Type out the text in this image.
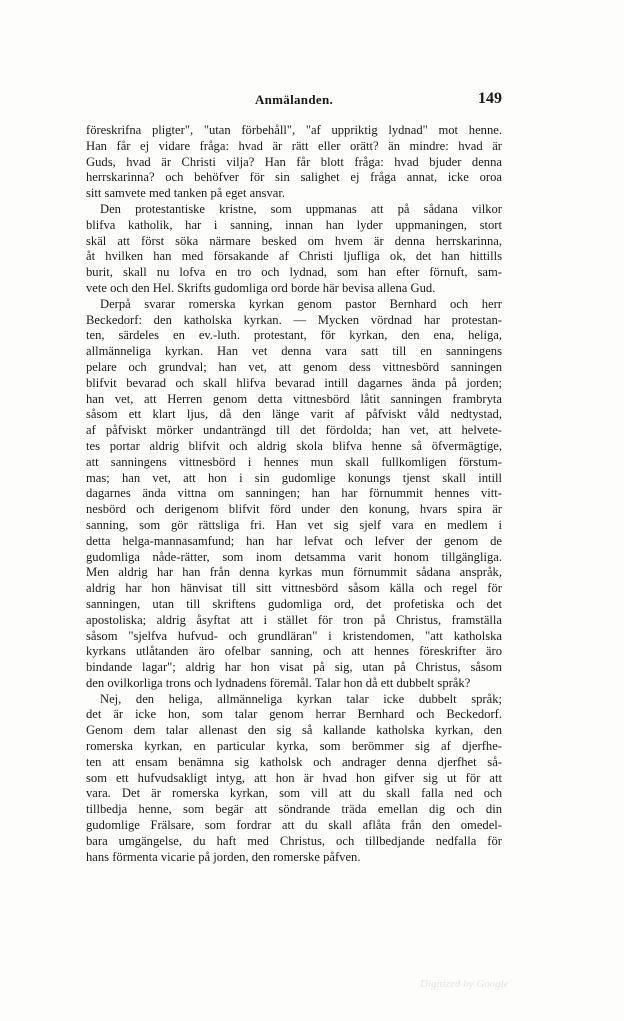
Anmälanden.	149
föreskrifna pligter", "utan förbehåll", "af uppriktig lydnad" mot henne.
Han får ej vidare fråga: hvad är rätt eller orätt? än mindre: hvad är
Guds, hvad är Christi vilja? Han får blott fråga: hvad bjuder denna
herrskarinna? och behöfver för sin salighet ej fråga annat, icke oroa
sitt samvete med tanken på eget ansvar.
Den protestantiske kristne, som uppmanas att på sådana vilkor
blifva katholik, har i sanning, innan han lyder uppmaningen, stort
skäl att först söka närmare besked om hvem är denna herrskarinna,
åt hvilken han med försakande af Christi ljufliga ok, det han hittills
burit, skall nu lofva en tro och lydnad, som han efter förnuft, sam-
vete och den Hel. Skrifts gudomliga ord borde här bevisa allena Gud.
Derpå svarar romerska kyrkan genom pastor Bernhard och herr
Beckedorf: den katholska kyrkan. — Mycken vördnad har protestan-
ten, särdeles en ev.-luth. protestant, för kyrkan, den ena, heliga,
allmänneliga kyrkan. Han vet denna vara satt till en sanningens
pelare och grundval; han vet, att genom dess vittnesbörd sanningen
blifvit bevarad och skall hlifva bevarad intill dagarnes ända på jorden;
han vet, att Herren genom detta vittnesbörd låtit sanningen frambryta
såsom ett klart ljus, då den länge varit af påfviskt våld nedtystad,
af påfviskt mörker undanträngd till det fördolda; han vet, att helvete-
tes portar aldrig blifvit och aldrig skola blifva henne så öfvermägtige,
att sanningens vittnesbörd i hennes mun skall fullkomligen förstum-
mas; han vet, att hon i sin gudomlige konungs tjenst skall intill
dagarnes ända vittna om sanningen; han har förnummit hennes vitt-
nesbörd och derigenom blifvit förd under den konung, hvars spira är
sanning, som gör rättsliga fri. Han vet sig sjelf vara en medlem i
detta helga-mannasamfund; han har lefvat och lefver der genom de
gudomliga nåde-rätter, som inom detsamma varit honom tillgängliga.
Men aldrig har han från denna kyrkas mun förnummit sådana anspråk,
aldrig har hon hänvisat till sitt vittnesbörd såsom källa och regel för
sanningen, utan till skriftens gudomliga ord, det profetiska och det
apostoliska; aldrig åsyftat att i stället för tron på Christus, framställa
såsom "sjelfva hufvud- och grundläran" i kristendomen, "att katholska
kyrkans utlåtanden äro ofelbar sanning, och att hennes föreskrifter äro
bindande lagar"; aldrig har hon visat på sig, utan på Christus, såsom
den ovilkorliga trons och lydnadens föremål. Talar hon då ett dubbelt språk?
Nej, den heliga, allmänneliga kyrkan talar icke dubbelt språk;
det är icke hon, som talar genom herrar Bernhard och Beckedorf.
Genom dem talar allenast den sig så kallande katholska kyrkan, den
romerska kyrkan, en particular kyrka, som berömmer sig af djerfhe-
ten att ensam benämna sig katholsk och andrager denna djerfhet så-
som ett hufvudsakligt intyg, att hon är hvad hon gifver sig ut för att
vara. Det är romerska kyrkan, som vill att du skall falla ned och
tillbedja henne, som begär att söndrande träda emellan dig och din
gudomlige Frälsare, som fordrar att du skall aflåta från den omedel-
bara umgängelse, du haft med Christus, och tillbedjande nedfalla för
hans förmenta vicarie på jorden, den romerske påfven.
Digitized by Google
